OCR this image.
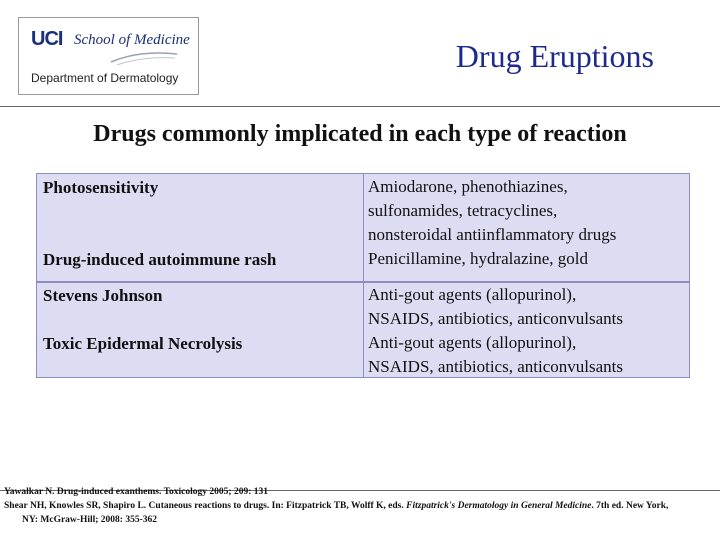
UCI School of Medicine
Department of Dermatology
Drug Eruptions
Drugs commonly implicated in each type of reaction
Photosensitivity
Drug-induced autoimmune rash
Amiodarone, phenothiazines,
sulfonamides, tetracyclines,
nonsteroidal antiinflammatory drugs
Penicillamine, hydralazine, gold
Stevens Johnson
Toxic Epidermal Necrolysis
Anti-gout agents (allopurinol),
NSAIDS, antibiotics, anticonvulsants
Anti-gout agents (allopurinol),
NSAIDS, antibiotics, anticonvulsants
Yawalkar N. Drug-induced exanthems. Toxicology 2005; 209: 131
Shear NH, Knowles SR, Shapiro L. Cutaneous reactions to drugs. In: Fitzpatrick TB, Wolff K, eds. Fitzpatrick's Dermatology in General Medicine. 7th ed. New York,
NY: McGraw-Hill; 2008: 355-362
